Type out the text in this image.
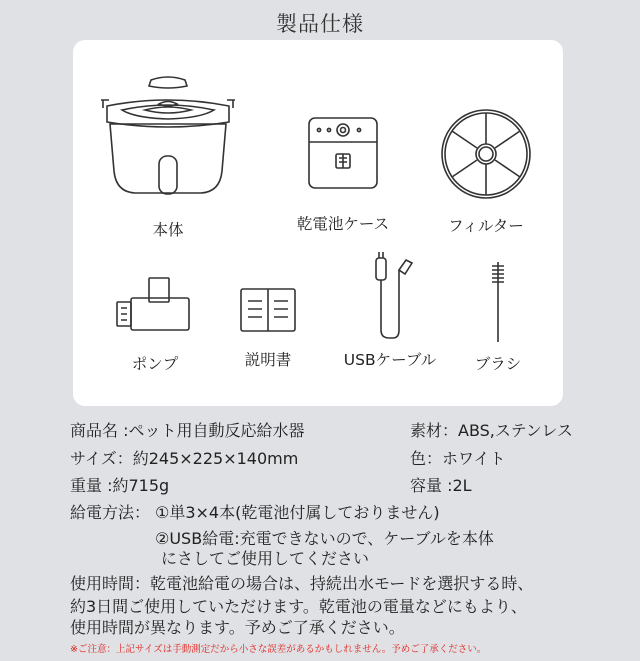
製品仕様
本体	乾電池ケース	フィルター
ポンプ	説明書	USBケーブル	ブラシ
商品名 :ペット用自動反応給水器	素材：ABS,ステンレス
サイズ：約245×225×140mm	色：ホワイト
重量 :約715g	容量 :2L
給電方法： ①単3×4本(乾電池付属しておりません)
②USB給電:充電できないので、ケーブルを本体
にさしてご使用してください
使用時間：乾電池給電の場合は、持続出水モードを選択する時、
約3日間ご使用していただけます。乾電池の電量などにもより、
使用時間が異なります。予めご了承ください。
※ご注意：上記サイズは手動測定だから小さな誤差があるかもしれません。予めご了承ください。
